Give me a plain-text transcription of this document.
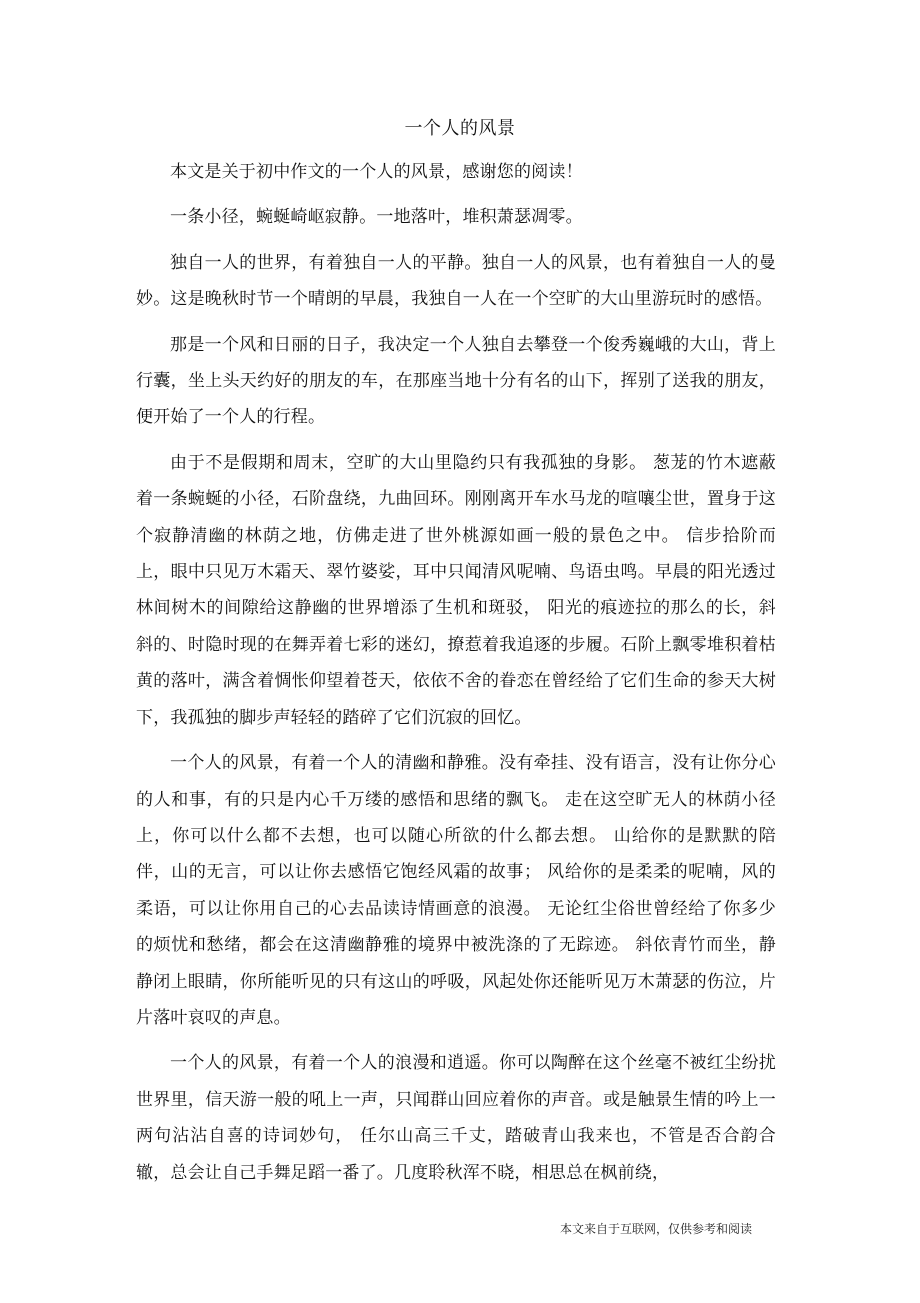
一个人的风景

本文是关于初中作文的一个人的风景，感谢您的阅读！

一条小径，蜿蜒崎岖寂静。一地落叶，堆积萧瑟凋零。

独自一人的世界，有着独自一人的平静。独自一人的风景，也有着独自一人的曼妙。这是晚秋时节一个晴朗的早晨，我独自一人在一个空旷的大山里游玩时的感悟。

那是一个风和日丽的日子，我决定一个人独自去攀登一个俊秀巍峨的大山，背上行囊，坐上头天约好的朋友的车，在那座当地十分有名的山下，挥别了送我的朋友，便开始了一个人的行程。

由于不是假期和周末，空旷的大山里隐约只有我孤独的身影。 葱茏的竹木遮蔽着一条蜿蜒的小径，石阶盘绕，九曲回环。刚刚离开车水马龙的喧嚷尘世，置身于这个寂静清幽的林荫之地，仿佛走进了世外桃源如画一般的景色之中。 信步拾阶而上，眼中只见万木霜天、翠竹婆娑，耳中只闻清风呢喃、鸟语虫鸣。早晨的阳光透过林间树木的间隙给这静幽的世界增添了生机和斑驳， 阳光的痕迹拉的那么的长，斜斜的、时隐时现的在舞弄着七彩的迷幻，撩惹着我追逐的步履。石阶上飘零堆积着枯黄的落叶，满含着惆怅仰望着苍天，依依不舍的眷恋在曾经给了它们生命的参天大树下，我孤独的脚步声轻轻的踏碎了它们沉寂的回忆。

一个人的风景，有着一个人的清幽和静雅。没有牵挂、没有语言，没有让你分心的人和事，有的只是内心千万缕的感悟和思绪的飘飞。 走在这空旷无人的林荫小径上，你可以什么都不去想，也可以随心所欲的什么都去想。 山给你的是默默的陪伴，山的无言，可以让你去感悟它饱经风霜的故事； 风给你的是柔柔的呢喃，风的柔语，可以让你用自己的心去品读诗情画意的浪漫。 无论红尘俗世曾经给了你多少的烦忧和愁绪，都会在这清幽静雅的境界中被洗涤的了无踪迹。 斜依青竹而坐，静静闭上眼睛，你所能听见的只有这山的呼吸，风起处你还能听见万木萧瑟的伤泣，片片落叶哀叹的声息。

一个人的风景，有着一个人的浪漫和逍遥。你可以陶醉在这个丝毫不被红尘纷扰世界里，信天游一般的吼上一声，只闻群山回应着你的声音。或是触景生情的吟上一两句沾沾自喜的诗词妙句， 任尔山高三千丈，踏破青山我来也，不管是否合韵合辙，总会让自己手舞足蹈一番了。几度聆秋浑不晓，相思总在枫前绕，

本文来自于互联网，仅供参考和阅读
